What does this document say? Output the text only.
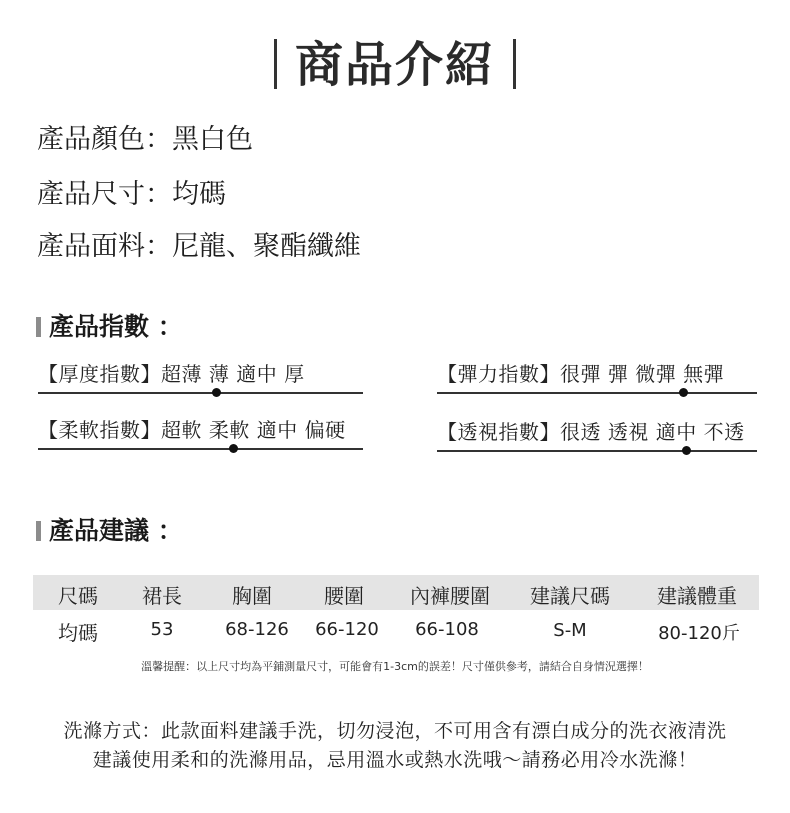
商品介紹
產品顏色：黑白色
產品尺寸：均碼
產品面料：尼龍、聚酯纖維
產品指數 ：
【厚度指數】超薄 薄 適中 厚	【彈力指數】很彈 彈 微彈 無彈
【柔軟指數】超軟 柔軟 適中 偏硬	【透視指數】很透 透視 適中 不透
產品建議 ：
尺碼	裙長	胸圍	腰圍	內褲腰圍	建議尺碼	建議體重
均碼	53	68-126	66-120	66-108	S-M	80-120斤
溫馨提醒：以上尺寸均為平鋪測量尺寸，可能會有1-3cm的誤差！尺寸僅供參考，請結合自身情況選擇！
洗滌方式：此款面料建議手洗，切勿浸泡，不可用含有漂白成分的洗衣液清洗
建議使用柔和的洗滌用品，忌用溫水或熱水洗哦～請務必用冷水洗滌！
